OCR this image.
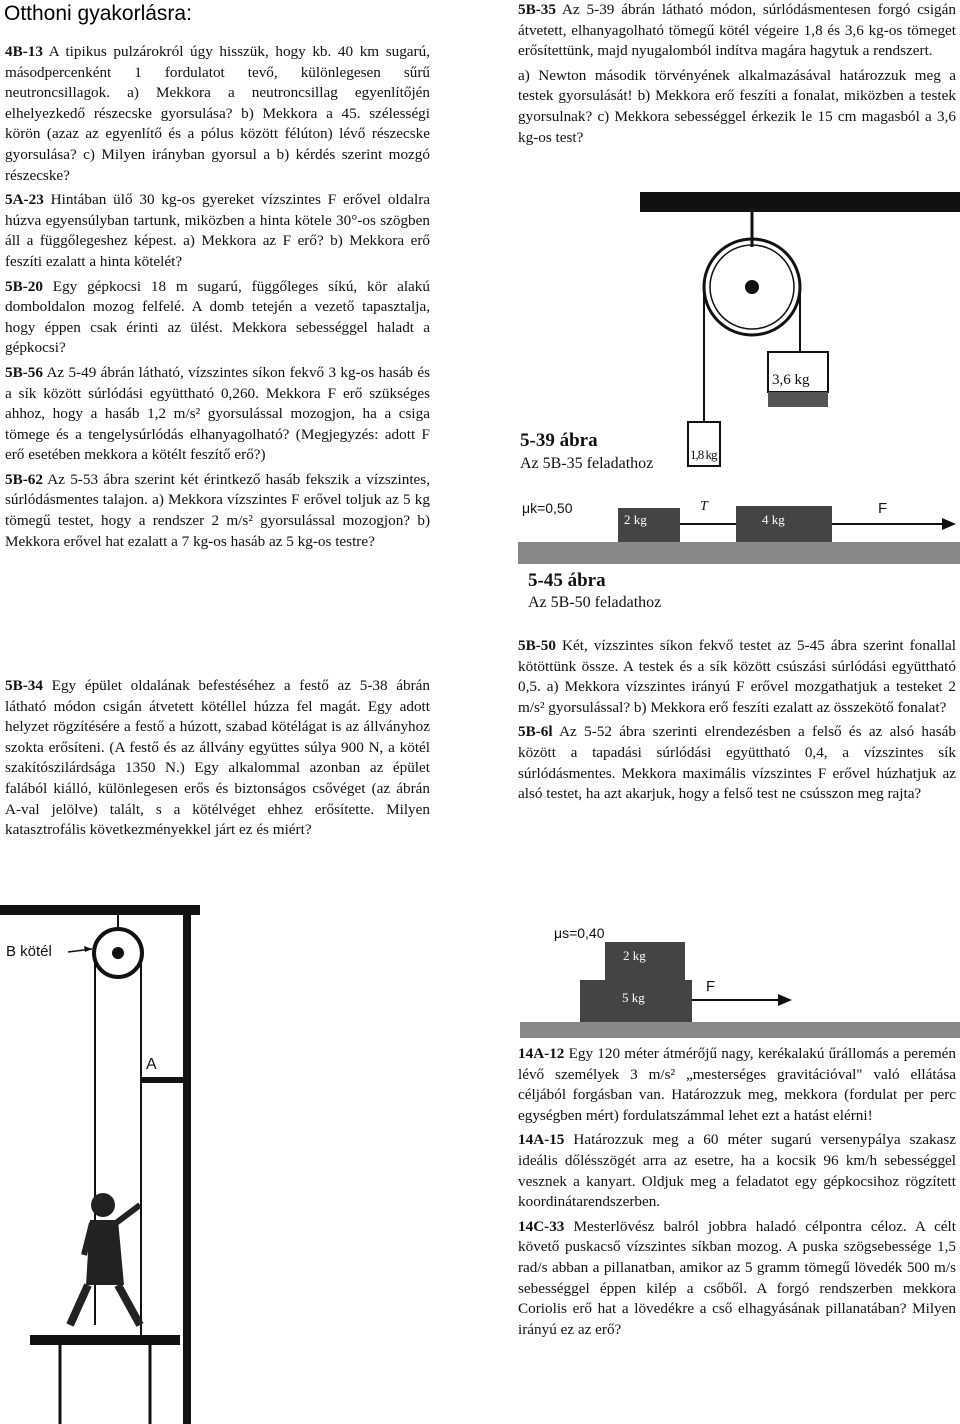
Otthoni gyakorlásra:

4B-13 A tipikus pulzárokról úgy hisszük, hogy kb. 40 km sugarú, másodpercenként 1 fordulatot tevő, különlegesen sűrű neutroncsillagok. a) Mekkora a neutroncsillag egyenlítőjén elhelyezkedő részecske gyorsulása? b) Mekkora a 45. szélességi körön (azaz az egyenlítő és a pólus között félúton) lévő részecske gyorsulása? c) Milyen irányban gyorsul a b) kérdés szerint mozgó részecske?

5A-23 Hintában ülő 30 kg-os gyereket vízszintes F erővel oldalra húzva egyensúlyban tartunk, miközben a hinta kötele 30°-os szögben áll a függőlegeshez képest. a) Mekkora az F erő? b) Mekkora erő feszíti ezalatt a hinta kötelét?

5B-20 Egy gépkocsi 18 m sugarú, függőleges síkú, kör alakú domboldalon mozog felfelé. A domb tetején a vezető tapasztalja, hogy éppen csak érinti az ülést. Mekkora sebességgel haladt a gépkocsi?

5B-56 Az 5-49 ábrán látható, vízszintes síkon fekvő 3 kg-os hasáb és a sík között súrlódási együttható 0,260. Mekkora F erő szükséges ahhoz, hogy a hasáb 1,2 m/s² gyorsulással mozogjon, ha a csiga tömege és a tengelysúrlódás elhanyagolható? (Megjegyzés: adott F erő esetében mekkora a kötélt feszítő erő?)

5B-62 Az 5-53 ábra szerint két érintkező hasáb fekszik a vízszintes, súrlódásmentes talajon. a) Mekkora vízszintes F erővel toljuk az 5 kg tömegű testet, hogy a rendszer 2 m/s² gyorsulással mozogjon? b) Mekkora erővel hat ezalatt a 7 kg-os hasáb az 5 kg-os testre?

5B-34 Egy épület oldalának befestéséhez a festő az 5-38 ábrán látható módon csigán átvetett kötéllel húzza fel magát. Egy adott helyzet rögzítésére a festő a húzott, szabad kötélágat is az állványhoz szokta erősíteni. (A festő és az állvány együttes súlya 900 N, a kötél szakítószilárdsága 1350 N.) Egy alkalommal azonban az épület falából kiálló, különlegesen erős és biztonságos csővéget (az ábrán A-val jelölve) talált, s a kötélvéget ehhez erősítette. Milyen katasztrofális következményekkel járt ez és miért?

B kötél
A

5B-35 Az 5-39 ábrán látható módon, súrlódásmentesen forgó csigán átvetett, elhanyagolható tömegű kötél végeire 1,8 és 3,6 kg-os tömeget erősítettünk, majd nyugalomból indítva magára hagytuk a rendszert.

a) Newton második törvényének alkalmazásával határozzuk meg a testek gyorsulását! b) Mekkora erő feszíti a fonalat, miközben a testek gyorsulnak? c) Mekkora sebességgel érkezik le 15 cm magasból a 3,6 kg-os test?

3,6 kg
1,8 kg
5-39 ábra
Az 5B-35 feladathoz
μk=0,50
2 kg
T
4 kg
F
5-45 ábra
Az 5B-50 feladathoz

5B-50 Két, vízszintes síkon fekvő testet az 5-45 ábra szerint fonallal kötöttünk össze. A testek és a sík között csúszási súrlódási együttható 0,5. a) Mekkora vízszintes irányú F erővel mozgathatjuk a testeket 2 m/s² gyorsulással? b) Mekkora erő feszíti ezalatt az összekötő fonalat?

5B-6l Az 5-52 ábra szerinti elrendezésben a felső és az alsó hasáb között a tapadási súrlódási együttható 0,4, a vízszintes sík súrlódásmentes. Mekkora maximális vízszintes F erővel húzhatjuk az alsó testet, ha azt akarjuk, hogy a felső test ne csússzon meg rajta?

μs=0,40
2 kg
5 kg
F

14A-12 Egy 120 méter átmérőjű nagy, kerékalakú űrállomás a peremén lévő személyek 3 m/s² „mesterséges gravitációval" való ellátása céljából forgásban van. Határozzuk meg, mekkora (fordulat per perc egységben mért) fordulatszámmal lehet ezt a hatást elérni!

14A-15 Határozzuk meg a 60 méter sugarú versenypálya szakasz ideális dőlésszögét arra az esetre, ha a kocsik 96 km/h sebességgel vesznek a kanyart. Oldjuk meg a feladatot egy gépkocsihoz rögzített koordinátarendszerben.

14C-33 Mesterlövész balról jobbra haladó célpontra céloz. A célt követő puskacső vízszintes síkban mozog. A puska szögsebessége 1,5 rad/s abban a pillanatban, amikor az 5 gramm tömegű lövedék 500 m/s sebességgel éppen kilép a csőből. A forgó rendszerben mekkora Coriolis erő hat a lövedékre a cső elhagyásának pillanatában? Milyen irányú ez az erő?
